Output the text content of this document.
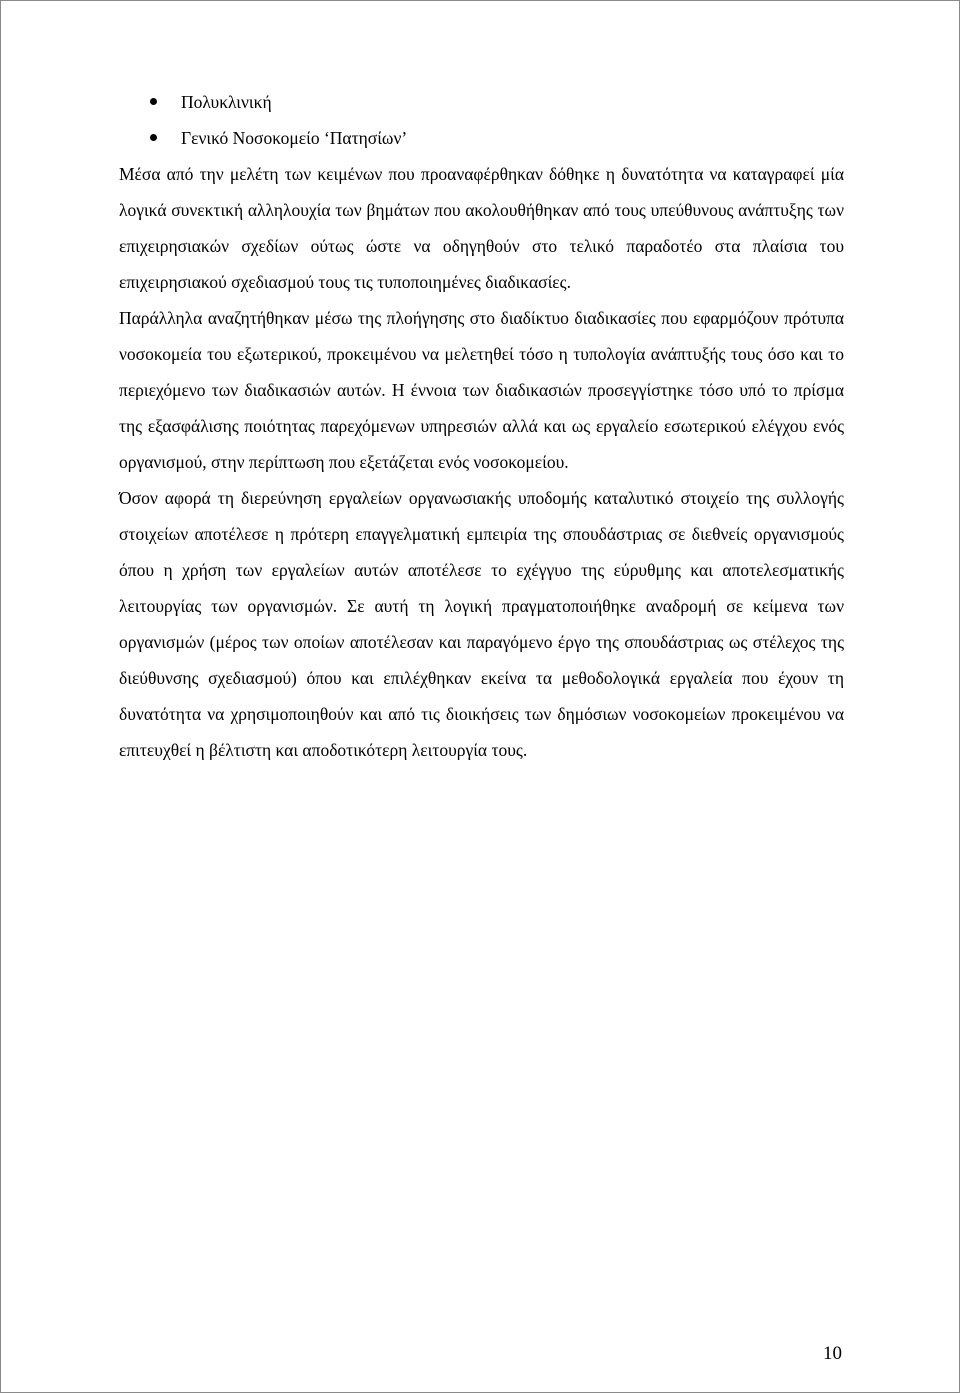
Πολυκλινική
Γενικό Νοσοκομείο ‘Πατησίων’

Μέσα από την μελέτη των κειμένων που προαναφέρθηκαν δόθηκε η δυνατότητα να καταγραφεί μία λογικά συνεκτική αλληλουχία των βημάτων που ακολουθήθηκαν από τους υπεύθυνους ανάπτυξης των επιχειρησιακών σχεδίων ούτως ώστε να οδηγηθούν στο τελικό παραδοτέο στα πλαίσια του επιχειρησιακού σχεδιασμού τους τις τυποποιημένες διαδικασίες.

Παράλληλα αναζητήθηκαν μέσω της πλοήγησης στο διαδίκτυο διαδικασίες που εφαρμόζουν πρότυπα νοσοκομεία του εξωτερικού, προκειμένου να μελετηθεί τόσο η τυπολογία ανάπτυξής τους όσο και το περιεχόμενο των διαδικασιών αυτών. Η έννοια των διαδικασιών προσεγγίστηκε τόσο υπό το πρίσμα της εξασφάλισης ποιότητας παρεχόμενων υπηρεσιών αλλά και ως εργαλείο εσωτερικού ελέγχου ενός οργανισμού, στην περίπτωση που εξετάζεται ενός νοσοκομείου.

Όσον αφορά τη διερεύνηση εργαλείων οργανωσιακής υποδομής καταλυτικό στοιχείο της συλλογής στοιχείων αποτέλεσε η πρότερη επαγγελματική εμπειρία της σπουδάστριας σε διεθνείς οργανισμούς όπου η χρήση των εργαλείων αυτών αποτέλεσε το εχέγγυο της εύρυθμης και αποτελεσματικής λειτουργίας των οργανισμών. Σε αυτή τη λογική πραγματοποιήθηκε αναδρομή σε κείμενα των οργανισμών (μέρος των οποίων αποτέλεσαν και παραγόμενο έργο της σπουδάστριας ως στέλεχος της διεύθυνσης σχεδιασμού) όπου και επιλέχθηκαν εκείνα τα μεθοδολογικά εργαλεία που έχουν τη δυνατότητα να χρησιμοποιηθούν και από τις διοικήσεις των δημόσιων νοσοκομείων προκειμένου να επιτευχθεί η βέλτιστη και αποδοτικότερη λειτουργία τους.

10
